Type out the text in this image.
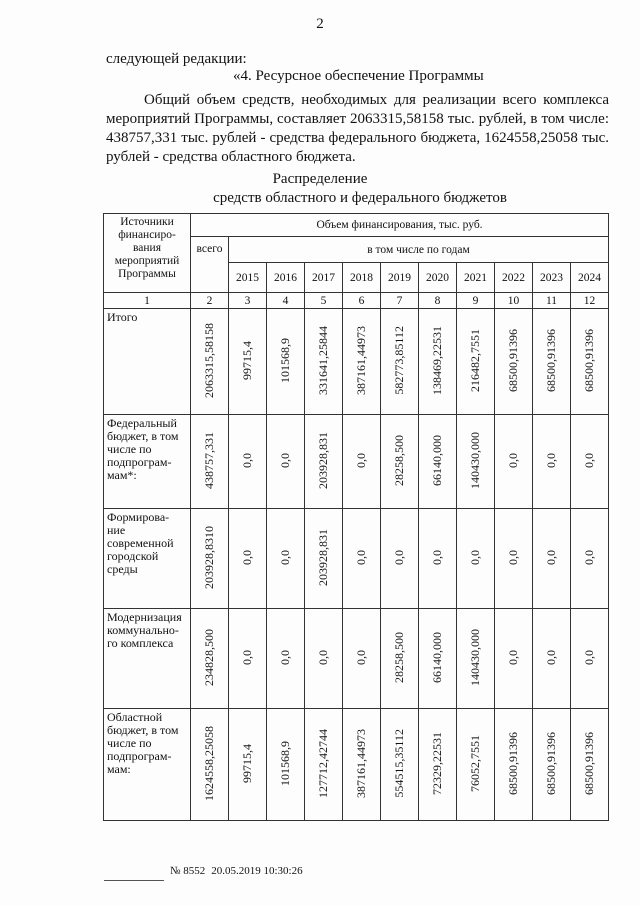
2
следующей редакции:
«4. Ресурсное обеспечение Программы
Общий объем средств, необходимых для реализации всего комплекса мероприятий Программы, составляет 2063315,58158 тыс. рублей, в том числе: 438757,331 тыс. рублей - средства федерального бюджета, 1624558,25058 тыс. рублей - средства областного бюджета.
Распределение
средств областного и федерального бюджетов
Источники финансиро-вания мероприятий Программы	Объем финансирования, тыс. руб.										
	всего	в том числе по годам									
		2015	2016	2017	2018	2019	2020	2021	2022	2023	2024
1	2	3	4	5	6	7	8	9	10	11	12
Итого	2063315,58158	99715,4	101568,9	331641,25844	387161,44973	582773,85112	138469,22531	216482,7551	68500,91396	68500,91396	68500,91396
Федеральный бюджет, в том числе по подпрограм-мам*:	438757,331	0,0	0,0	203928,831	0,0	28258,500	66140,000	140430,000	0,0	0,0	0,0
Формирова-ние современной городской среды	203928,8310	0,0	0,0	203928,831	0,0	0,0	0,0	0,0	0,0	0,0	0,0
Модернизация коммунально-го комплекса	234828,500	0,0	0,0	0,0	0,0	28258,500	66140,000	140430,000	0,0	0,0	0,0
Областной бюджет, в том числе по подпрограм-мам:	1624558,25058	99715,4	101568,9	127712,42744	387161,44973	554515,35112	72329,22531	76052,7551	68500,91396	68500,91396	68500,91396
№ 8552 20.05.2019 10:30:26
